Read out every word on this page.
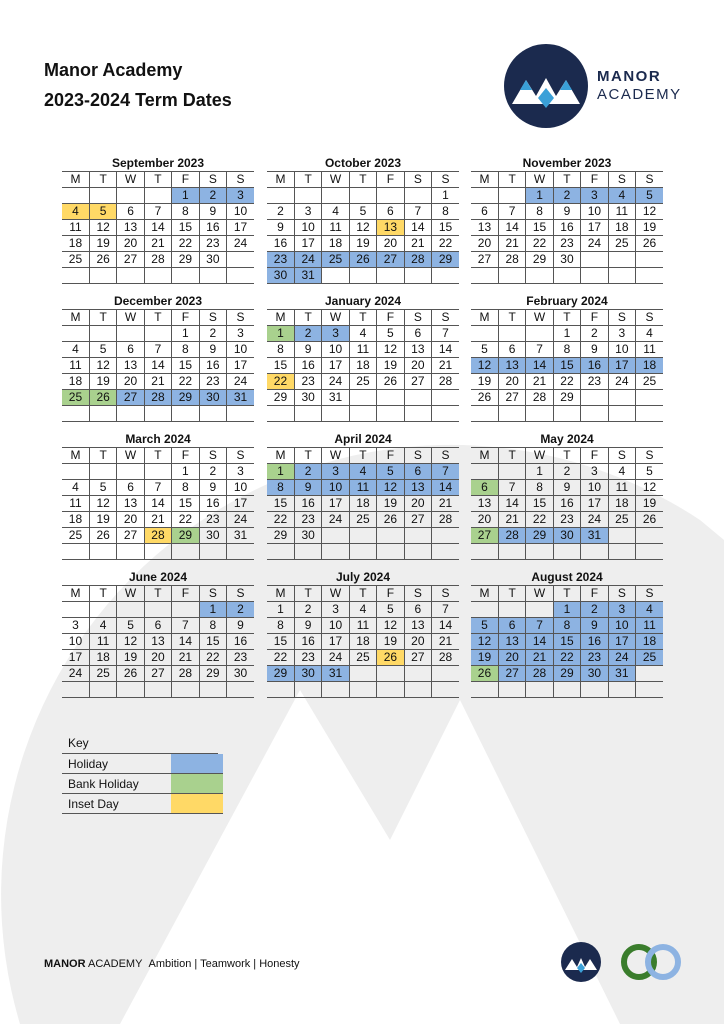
Manor Academy
2023-2024 Term Dates
MANOR
ACADEMY
September 2023
M	T	W	T	F	S	S
				1	2	3
4	5	6	7	8	9	10
11	12	13	14	15	16	17
18	19	20	21	22	23	24
25	26	27	28	29	30	

October 2023
M	T	W	T	F	S	S
						1
2	3	4	5	6	7	8
9	10	11	12	13	14	15
16	17	18	19	20	21	22
23	24	25	26	27	28	29
30	31					
November 2023
M	T	W	T	F	S	S
		1	2	3	4	5
6	7	8	9	10	11	12
13	14	15	16	17	18	19
20	21	22	23	24	25	26
27	28	29	30			

December 2023
M	T	W	T	F	S	S
				1	2	3
4	5	6	7	8	9	10
11	12	13	14	15	16	17
18	19	20	21	22	23	24
25	26	27	28	29	30	31

January 2024
M	T	W	T	F	S	S
1	2	3	4	5	6	7
8	9	10	11	12	13	14
15	16	17	18	19	20	21
22	23	24	25	26	27	28
29	30	31				

February 2024
M	T	W	T	F	S	S
			1	2	3	4
5	6	7	8	9	10	11
12	13	14	15	16	17	18
19	20	21	22	23	24	25
26	27	28	29			

March 2024
M	T	W	T	F	S	S
				1	2	3
4	5	6	7	8	9	10
11	12	13	14	15	16	17
18	19	20	21	22	23	24
25	26	27	28	29	30	31

April 2024
M	T	W	T	F	S	S
1	2	3	4	5	6	7
8	9	10	11	12	13	14
15	16	17	18	19	20	21
22	23	24	25	26	27	28
29	30					

May 2024
M	T	W	T	F	S	S
		1	2	3	4	5
6	7	8	9	10	11	12
13	14	15	16	17	18	19
20	21	22	23	24	25	26
27	28	29	30	31		

June 2024
M	T	W	T	F	S	S
					1	2
3	4	5	6	7	8	9
10	11	12	13	14	15	16
17	18	19	20	21	22	23
24	25	26	27	28	29	30

July 2024
M	T	W	T	F	S	S
1	2	3	4	5	6	7
8	9	10	11	12	13	14
15	16	17	18	19	20	21
22	23	24	25	26	27	28
29	30	31				

August 2024
M	T	W	T	F	S	S
			1	2	3	4
5	6	7	8	9	10	11
12	13	14	15	16	17	18
19	20	21	22	23	24	25
26	27	28	29	30	31	

Key
Holiday	
Bank Holiday	
Inset Day	
MANOR ACADEMY Ambition | Teamwork | Honesty
